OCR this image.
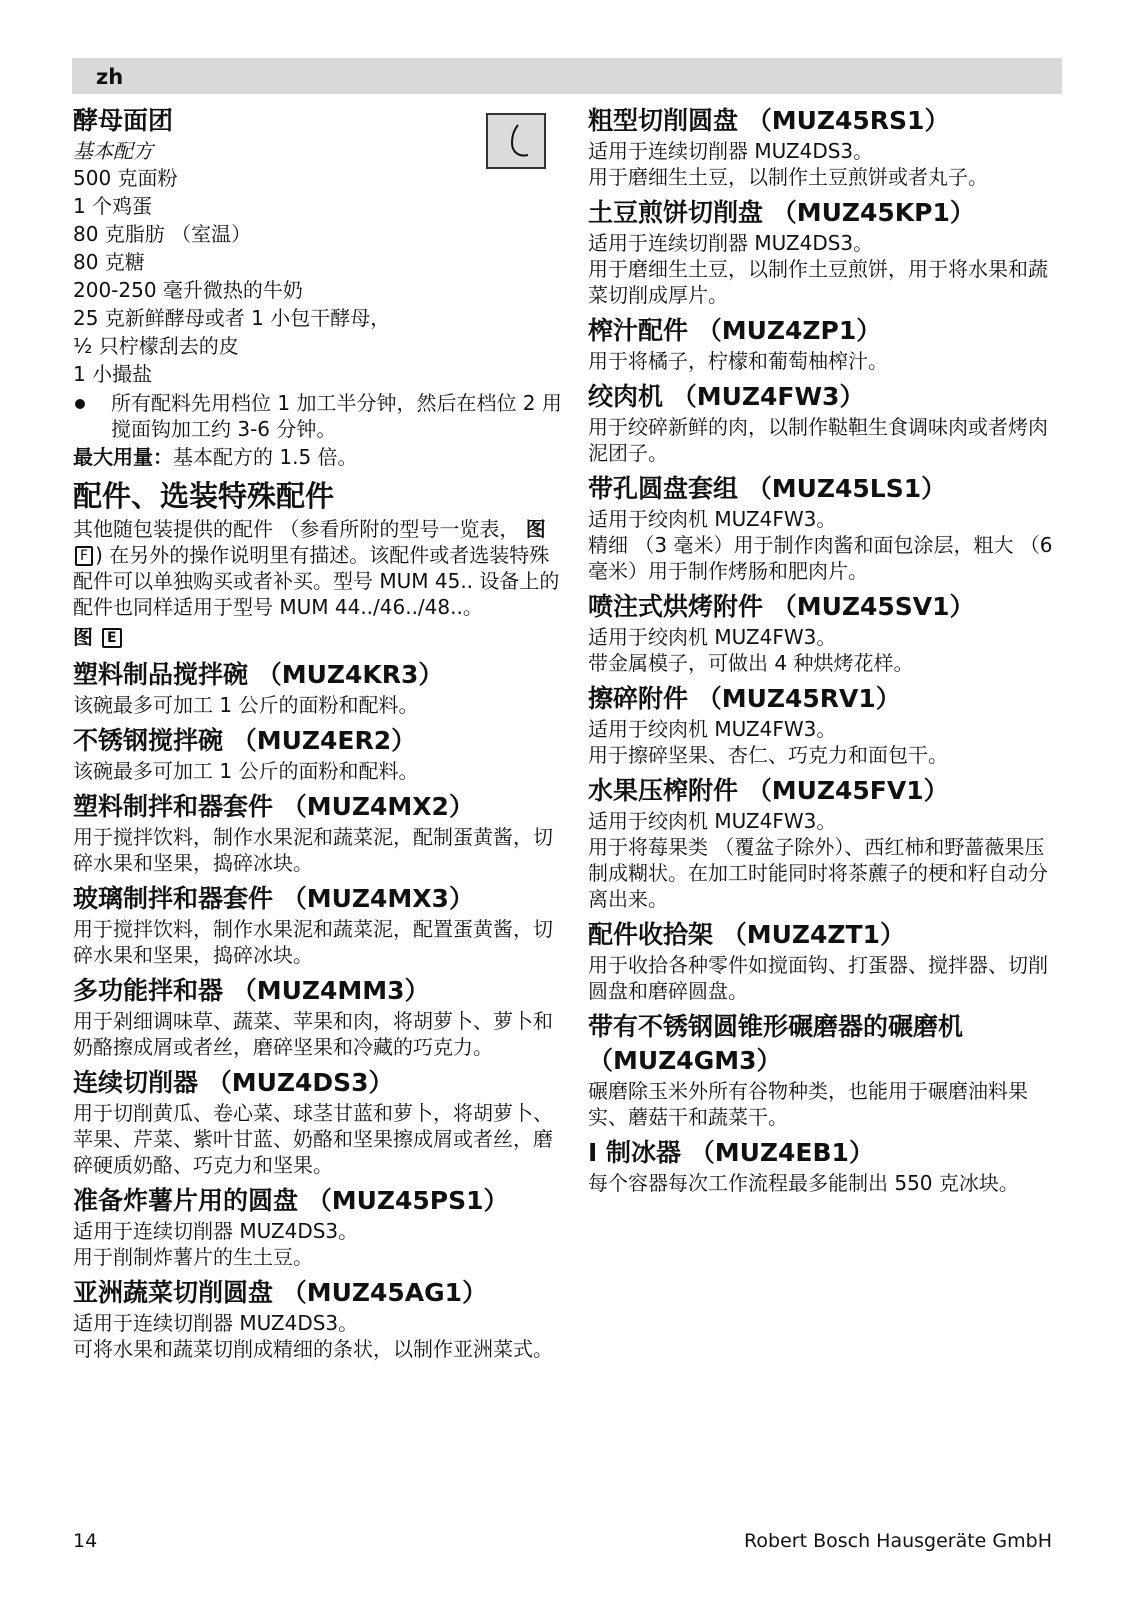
zh
酵母面团

基本配方

500 克面粉
1 个鸡蛋
80 克脂肪 （室温）
80 克糖
200-250 毫升微热的牛奶
25 克新鲜酵母或者 1 小包干酵母，
½ 只柠檬刮去的皮
1 小撮盐
所有配料先用档位 1 加工半分钟，然后在档位 2 用搅面钩加工约 3-6 分钟。
最大用量：基本配方的 1.5 倍。
配件、选装特殊配件

其他随包装提供的配件 （参看所附的型号一览表， 图 F ) 在另外的操作说明里有描述。该配件或者选装特殊配件可以单独购买或者补买。型号 MUM 45.. 设备上的配件也同样适用于型号 MUM 44../46../48..。

图 E
塑料制品搅拌碗 （MUZ4KR3）

该碗最多可加工 1 公斤的面粉和配料。

不锈钢搅拌碗 （MUZ4ER2）

该碗最多可加工 1 公斤的面粉和配料。

塑料制拌和器套件 （MUZ4MX2）

用于搅拌饮料，制作水果泥和蔬菜泥，配制蛋黄酱，切碎水果和坚果，捣碎冰块。

玻璃制拌和器套件 （MUZ4MX3）

用于搅拌饮料，制作水果泥和蔬菜泥，配置蛋黄酱，切碎水果和坚果，捣碎冰块。

多功能拌和器 （MUZ4MM3）

用于剁细调味草、蔬菜、苹果和肉，将胡萝卜、萝卜和奶酪擦成屑或者丝，磨碎坚果和冷藏的巧克力。

连续切削器 （MUZ4DS3）

用于切削黄瓜、卷心菜、球茎甘蓝和萝卜，将胡萝卜、苹果、芹菜、紫叶甘蓝、奶酪和坚果擦成屑或者丝，磨碎硬质奶酪、巧克力和坚果。

准备炸薯片用的圆盘 （MUZ45PS1）

适用于连续切削器 MUZ4DS3。

用于削制炸薯片的生土豆。

亚洲蔬菜切削圆盘 （MUZ45AG1）

适用于连续切削器 MUZ4DS3。

可将水果和蔬菜切削成精细的条状，以制作亚洲菜式。

粗型切削圆盘 （MUZ45RS1）

适用于连续切削器 MUZ4DS3。

用于磨细生土豆，以制作土豆煎饼或者丸子。

土豆煎饼切削盘 （MUZ45KP1）

适用于连续切削器 MUZ4DS3。

用于磨细生土豆，以制作土豆煎饼，用于将水果和蔬菜切削成厚片。

榨汁配件 （MUZ4ZP1）

用于将橘子，柠檬和葡萄柚榨汁。

绞肉机 （MUZ4FW3）

用于绞碎新鲜的肉，以制作鞑靼生食调味肉或者烤肉泥团子。

带孔圆盘套组 （MUZ45LS1）

适用于绞肉机 MUZ4FW3。

精细 （3 毫米）用于制作肉酱和面包涂层，粗大 （6 毫米）用于制作烤肠和肥肉片。

喷注式烘烤附件 （MUZ45SV1）

适用于绞肉机 MUZ4FW3。

带金属模子，可做出 4 种烘烤花样。

擦碎附件 （MUZ45RV1）

适用于绞肉机 MUZ4FW3。

用于擦碎坚果、杏仁、巧克力和面包干。

水果压榨附件 （MUZ45FV1）

适用于绞肉机 MUZ4FW3。

用于将莓果类 （覆盆子除外）、西红柿和野蔷薇果压制成糊状。在加工时能同时将茶藨子的梗和籽自动分离出来。

配件收拾架 （MUZ4ZT1）

用于收拾各种零件如搅面钩、打蛋器、搅拌器、切削圆盘和磨碎圆盘。

带有不锈钢圆锥形碾磨器的碾磨机 （MUZ4GM3）

碾磨除玉米外所有谷物种类，也能用于碾磨油料果实、蘑菇干和蔬菜干。

I 制冰器 （MUZ4EB1）

每个容器每次工作流程最多能制出 550 克冰块。

14	Robert Bosch Hausgeräte GmbH
